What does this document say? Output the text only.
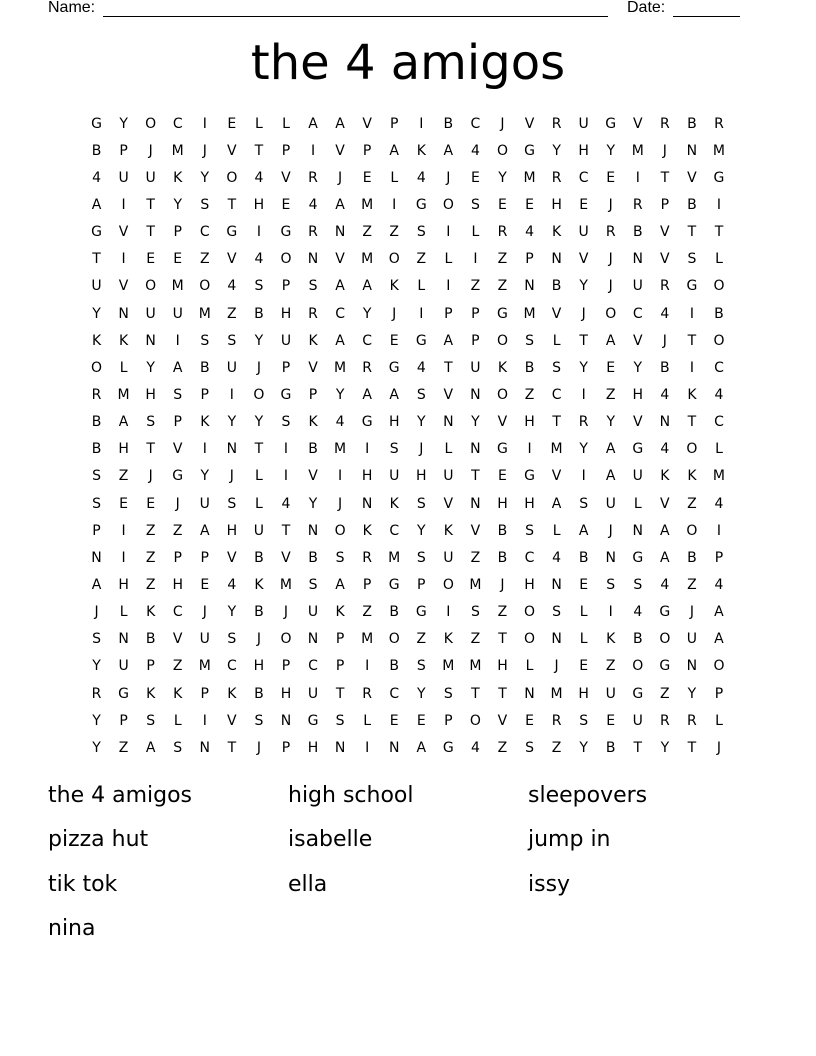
Name:	Date:
the 4 amigos
G	Y	O	C	I	E	L	L	A	A	V	P	I	B	C	J	V	R	U	G	V	R	B	R
B	P	J	M	J	V	T	P	I	V	P	A	K	A	4	O	G	Y	H	Y	M	J	N	M
4	U	U	K	Y	O	4	V	R	J	E	L	4	J	E	Y	M	R	C	E	I	T	V	G
A	I	T	Y	S	T	H	E	4	A	M	I	G	O	S	E	E	H	E	J	R	P	B	I
G	V	T	P	C	G	I	G	R	N	Z	Z	S	I	L	R	4	K	U	R	B	V	T	T
T	I	E	E	Z	V	4	O	N	V	M	O	Z	L	I	Z	P	N	V	J	N	V	S	L
U	V	O	M	O	4	S	P	S	A	A	K	L	I	Z	Z	N	B	Y	J	U	R	G	O
Y	N	U	U	M	Z	B	H	R	C	Y	J	I	P	P	G	M	V	J	O	C	4	I	B
K	K	N	I	S	S	Y	U	K	A	C	E	G	A	P	O	S	L	T	A	V	J	T	O
O	L	Y	A	B	U	J	P	V	M	R	G	4	T	U	K	B	S	Y	E	Y	B	I	C
R	M	H	S	P	I	O	G	P	Y	A	A	S	V	N	O	Z	C	I	Z	H	4	K	4
B	A	S	P	K	Y	Y	S	K	4	G	H	Y	N	Y	V	H	T	R	Y	V	N	T	C
B	H	T	V	I	N	T	I	B	M	I	S	J	L	N	G	I	M	Y	A	G	4	O	L
S	Z	J	G	Y	J	L	I	V	I	H	U	H	U	T	E	G	V	I	A	U	K	K	M
S	E	E	J	U	S	L	4	Y	J	N	K	S	V	N	H	H	A	S	U	L	V	Z	4
P	I	Z	Z	A	H	U	T	N	O	K	C	Y	K	V	B	S	L	A	J	N	A	O	I
N	I	Z	P	P	V	B	V	B	S	R	M	S	U	Z	B	C	4	B	N	G	A	B	P
A	H	Z	H	E	4	K	M	S	A	P	G	P	O	M	J	H	N	E	S	S	4	Z	4
J	L	K	C	J	Y	B	J	U	K	Z	B	G	I	S	Z	O	S	L	I	4	G	J	A
S	N	B	V	U	S	J	O	N	P	M	O	Z	K	Z	T	O	N	L	K	B	O	U	A
Y	U	P	Z	M	C	H	P	C	P	I	B	S	M	M	H	L	J	E	Z	O	G	N	O
R	G	K	K	P	K	B	H	U	T	R	C	Y	S	T	T	N	M	H	U	G	Z	Y	P
Y	P	S	L	I	V	S	N	G	S	L	E	E	P	O	V	E	R	S	E	U	R	R	L
Y	Z	A	S	N	T	J	P	H	N	I	N	A	G	4	Z	S	Z	Y	B	T	Y	T	J
the 4 amigos	high school	sleepovers
pizza hut	isabelle	jump in
tik tok	ella	issy
nina
